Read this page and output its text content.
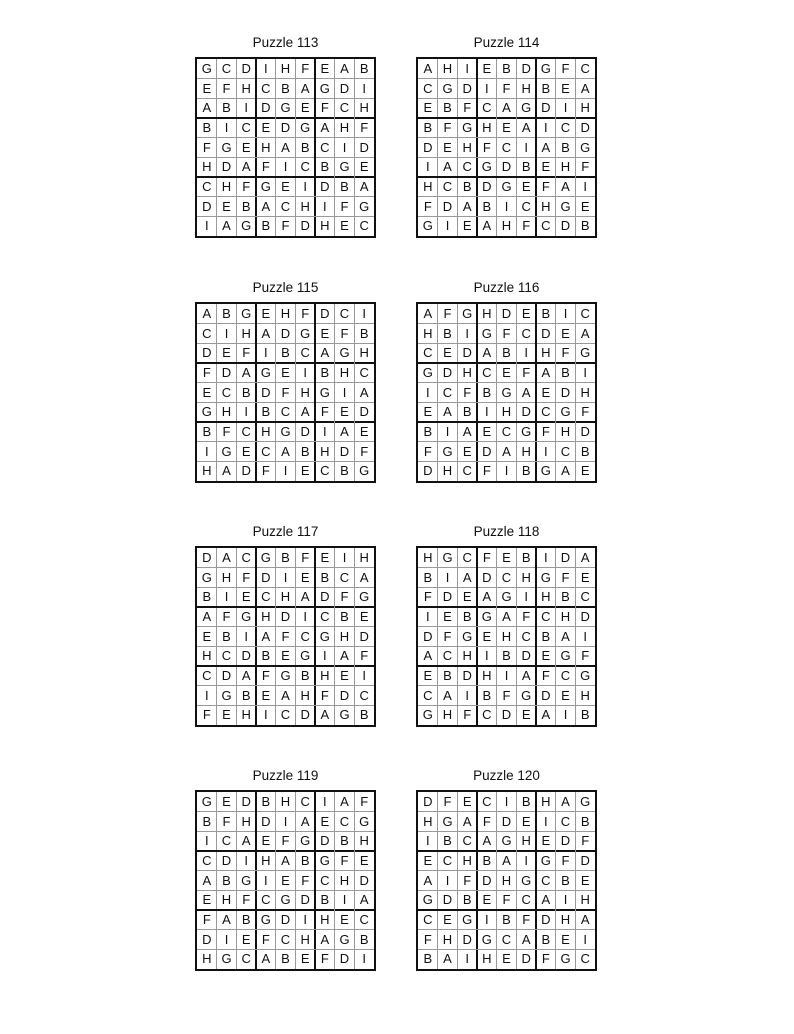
Puzzle 113
G C D	I	H F E A B
E F H C B A G D	I
A B	I	D G E F C H
B	I	C E D G A H F
F G E H A B C	I	D
H D A F	I	C B G E
C H F G E	I	D B A
D E B A C H	I	F G
I	A G B F D H E C
Puzzle 114
A H	I	E B D G F C
C G D	I	F H B E A
E B F C A G D	I	H
B F G H E A	I	C D
D E H F C	I	A B G
I	A C G D B E H F
H C B D G E F A	I
F D A B	I	C H G E
G I	E A H F C D B
Puzzle 115
A B G E H F D C	I
C	I	H A D G E F B
D E F	I	B C A G H
F D A G E	I	B H C
E C B D F H G I	A
G H	I	B C A F E D
B F C H G D	I	A E
I G E C A B H D F
H A D F	I	E C B G
Puzzle 116
A F G H D E B	I	C
H B	I G F C D E A
C E D A B	I	H F G
G D H C E F A B	I
I	C F B G A E D H
E A B	I	H D C G F
B	I	A E C G F H D
F G E D A H	I	C B
D H C F	I	B G A E
Puzzle 117
D A C G B F E	I	H
G H F D	I	E B C A
B	I	E C H A D F G
A F G H D	I	C B E
E B	I	A F C G H D
H C D B E G I	A F
C D A F G B H E	I
I G B E A H F D C
F E H	I	C D A G B
Puzzle 118
H G C F E B	I	D A
B	I	A D C H G F E
F D E A G I	H B C
I	E B G A F C H D
D F G E H C B A	I
A C H	I	B D E G F
E B D H	I	A F C G
C A	I	B F G D E H
G H F C D E A	I	B
Puzzle 119
G E D B H C	I	A F
B F H D	I	A E C G
I	C A E F G D B H
C D	I	H A B G F E
A B G I	E F C H D
E H F C G D B	I	A
F A B G D	I	H E C
D	I	E F C H A G B
H G C A B E F D	I
Puzzle 120
D F E C	I	B H A G
H G A F D E	I	C B
I	B C A G H E D F
E C H B A	I G F D
A	I	F D H G C B E
G D B E F C A	I	H
C E G I	B F D H A
F H D G C A B E	I
B A	I	H E D F G C
